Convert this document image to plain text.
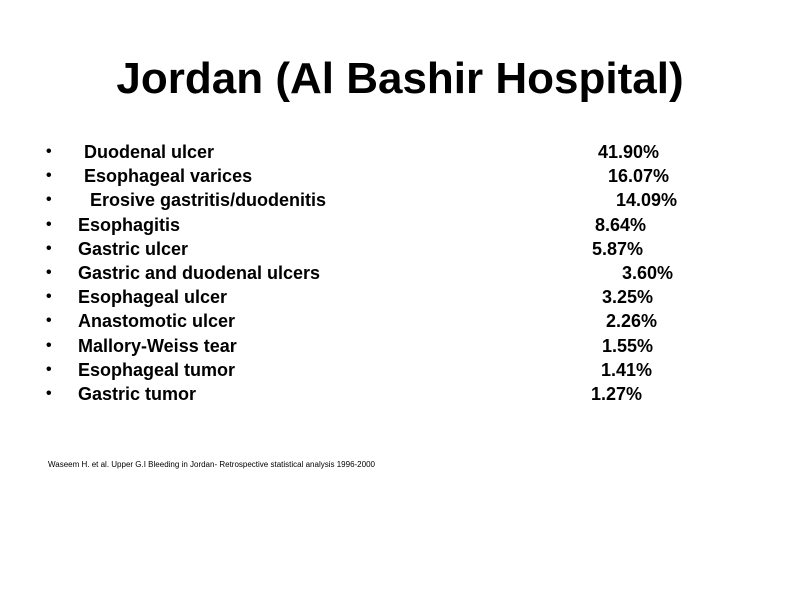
Jordan (Al Bashir Hospital)
• Duodenal ulcer	41.90%
• Esophageal varices	16.07%
• Erosive gastritis/duodenitis	14.09%
• Esophagitis	8.64%
• Gastric ulcer	5.87%
• Gastric and duodenal ulcers	3.60%
• Esophageal ulcer	3.25%
• Anastomotic ulcer	2.26%
• Mallory-Weiss tear	1.55%
• Esophageal tumor	1.41%
• Gastric tumor	1.27%
Waseem H. et al. Upper G.I Bleeding in Jordan- Retrospective statistical analysis 1996-2000
